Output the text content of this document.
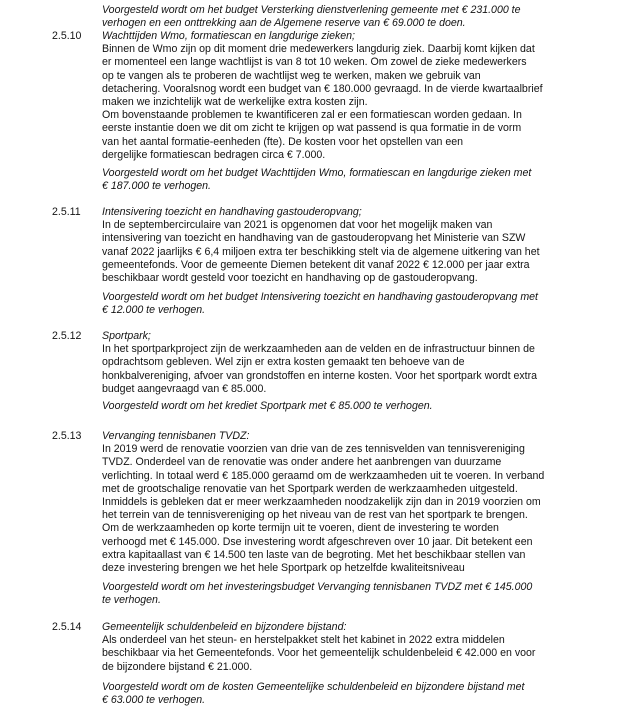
Voorgesteld wordt om het budget Versterking dienstverlening gemeente met € 231.000 te

verhogen en een onttrekking aan de Algemene reserve van € 69.000 te doen.

2.5.10	Wachttijden Wmo, formatiescan en langdurige zieken;

Binnen de Wmo zijn op dit moment drie medewerkers langdurig ziek. Daarbij komt kijken dat

er momenteel een lange wachtlijst is van 8 tot 10 weken. Om zowel de zieke medewerkers

op te vangen als te proberen de wachtlijst weg te werken, maken we gebruik van

detachering. Vooralsnog wordt een budget van € 180.000 gevraagd. In de vierde kwartaalbrief

maken we inzichtelijk wat de werkelijke extra kosten zijn.

Om bovenstaande problemen te kwantificeren zal er een formatiescan worden gedaan. In

eerste instantie doen we dit om zicht te krijgen op wat passend is qua formatie in de vorm

van het aantal formatie-eenheden (fte). De kosten voor het opstellen van een

dergelijke formatiescan bedragen circa € 7.000.

Voorgesteld wordt om het budget Wachttijden Wmo, formatiescan en langdurige zieken met

€ 187.000 te verhogen.

2.5.11	Intensivering toezicht en handhaving gastouderopvang;

In de septembercirculaire van 2021 is opgenomen dat voor het mogelijk maken van

intensivering van toezicht en handhaving van de gastouderopvang het Ministerie van SZW

vanaf 2022 jaarlijks € 6,4 miljoen extra ter beschikking stelt via de algemene uitkering van het

gemeentefonds. Voor de gemeente Diemen betekent dit vanaf 2022 € 12.000 per jaar extra

beschikbaar wordt gesteld voor toezicht en handhaving op de gastouderopvang.

Voorgesteld wordt om het budget Intensivering toezicht en handhaving gastouderopvang met

€ 12.000 te verhogen.

2.5.12	Sportpark;

In het sportparkproject zijn de werkzaamheden aan de velden en de infrastructuur binnen de

opdrachtsom gebleven. Wel zijn er extra kosten gemaakt ten behoeve van de

honkbalvereniging, afvoer van grondstoffen en interne kosten. Voor het sportpark wordt extra

budget aangevraagd van € 85.000.

Voorgesteld wordt om het krediet Sportpark met € 85.000 te verhogen.

2.5.13	Vervanging tennisbanen TVDZ:

In 2019 werd de renovatie voorzien van drie van de zes tennisvelden van tennisvereniging

TVDZ. Onderdeel van de renovatie was onder andere het aanbrengen van duurzame

verlichting. In totaal werd € 185.000 geraamd om de werkzaamheden uit te voeren. In verband

met de grootschalige renovatie van het Sportpark werden de werkzaamheden uitgesteld.

Inmiddels is gebleken dat er meer werkzaamheden noodzakelijk zijn dan in 2019 voorzien om

het terrein van de tennisvereniging op het niveau van de rest van het sportpark te brengen.

Om de werkzaamheden op korte termijn uit te voeren, dient de investering te worden

verhoogd met € 145.000. Dse investering wordt afgeschreven over 10 jaar. Dit betekent een

extra kapitaallast van € 14.500 ten laste van de begroting. Met het beschikbaar stellen van

deze investering brengen we het hele Sportpark op hetzelfde kwaliteitsniveau

Voorgesteld wordt om het investeringsbudget Vervanging tennisbanen TVDZ met € 145.000

te verhogen.

2.5.14	Gemeentelijk schuldenbeleid en bijzondere bijstand:

Als onderdeel van het steun- en herstelpakket stelt het kabinet in 2022 extra middelen

beschikbaar via het Gemeentefonds. Voor het gemeentelijk schuldenbeleid € 42.000 en voor

de bijzondere bijstand € 21.000.

Voorgesteld wordt om de kosten Gemeentelijke schuldenbeleid en bijzondere bijstand met

€ 63.000 te verhogen.
